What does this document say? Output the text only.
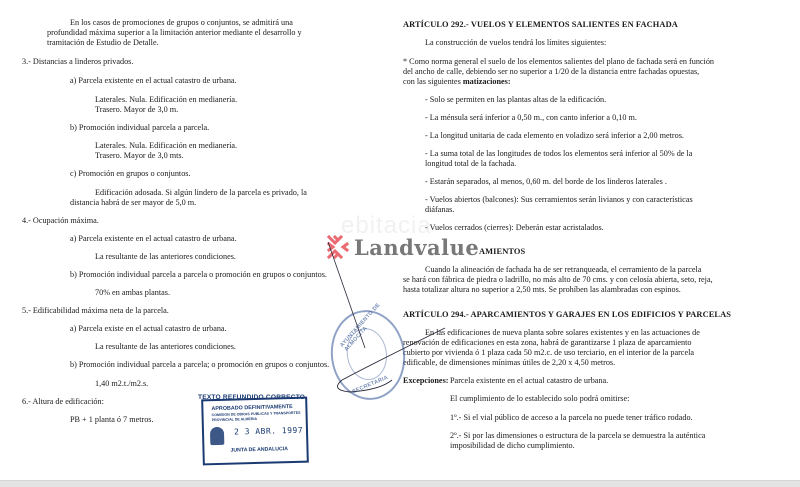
En los casos de promociones de grupos o conjuntos, se admitirá una
profundidad máxima superior a la limitación anterior mediante el desarrollo y
tramitación de Estudio de Detalle.
3.- Distancias a linderos privados.
a) Parcela existente en el actual catastro de urbana.
Laterales. Nula. Edificación en medianería.
Trasero. Mayor de 3,0 m.
b) Promoción individual parcela a parcela.
Laterales. Nula. Edificación en medianería.
Trasero. Mayor de 3,0 mts.
c) Promoción en grupos o conjuntos.
Edificación adosada. Si algún lindero de la parcela es privado, la
distancia habrá de ser mayor de 5,0 m.
4.- Ocupación máxima.
a) Parcela existente en el actual catastro de urbana.
La resultante de las anteriores condiciones.
b) Promoción individual parcela a parcela o promoción en grupos o conjuntos.
70% en ambas plantas.
5.- Edificabilidad máxima neta de la parcela.
a) Parcela existe en el actual catastro de urbana.
La resultante de las anteriores condiciones.
b) Promoción individual parcela a parcela; o promoción en grupos o conjuntos.
1,40 m2.t./m2.s.
6.- Altura de edificación:
PB + 1 planta ó 7 metros.
ARTÍCULO 292.- VUELOS Y ELEMENTOS SALIENTES EN FACHADA
La construcción de vuelos tendrá los límites siguientes:
* Como norma general el suelo de los elementos salientes del plano de fachada será en función
del ancho de calle, debiendo ser no superior a 1/20 de la distancia entre fachadas opuestas,
con las siguientes matizaciones:
- Solo se permiten en las plantas altas de la edificación.
- La ménsula será inferior a 0,50 m., con canto inferior a 0,10 m.
- La longitud unitaria de cada elemento en voladizo será inferior a 2,00 metros.
- La suma total de las longitudes de todos los elementos será inferior al 50% de la
longitud total de la fachada.
- Estarán separados, al menos, 0,60 m. del borde de los linderos laterales .
- Vuelos abiertos (balcones): Sus cerramientos serán livianos y con características
diáfanas.
- Vuelos cerrados (cierres): Deberán estar acristalados.
AMIENTOS
Cuando la alineación de fachada ha de ser retranqueada, el cerramiento de la parcela
se hará con fábrica de piedra o ladrillo, no más alto de 70 cms. y con celosía abierta, seto, reja,
hasta totalizar altura no superior a 2,50 mts. Se prohíben las alambradas con espinos.
ARTÍCULO 294.- APARCAMIENTOS Y GARAJES EN LOS EDIFICIOS Y PARCELAS
En las edificaciones de nueva planta sobre solares existentes y en las actuaciones de
renovación de edificaciones en esta zona, habrá de garantizarse 1 plaza de aparcamiento
cubierto por vivienda ó 1 plaza cada 50 m2.c. de uso terciario, en el interior de la parcela
edificable, de dimensiones mínimas útiles de 2,20 x 4,50 metros.
Excepciones: Parcela existente en el actual catastro de urbana.
El cumplimiento de lo establecido solo podrá omitirse:
1º.- Si el vial público de acceso a la parcela no puede tener tráfico rodado.
2º.- Si por las dimensiones o estructura de la parcela se demuestra la auténtica
imposibilidad de dicho cumplimiento.
ebitacia
Landvalue
AYUNTAMIENTO DE ALMOCITA
SECRETARIA
TEXTO REFUNDIDO CORRECTO
APROBADO DEFINITIVAMENTE
COMISION DE OBRAS PUBLICAS Y TRANSPORTES
PROVINCIAL DE ALMERIA
2 3 ABR. 1997
JUNTA DE ANDALUCIA
